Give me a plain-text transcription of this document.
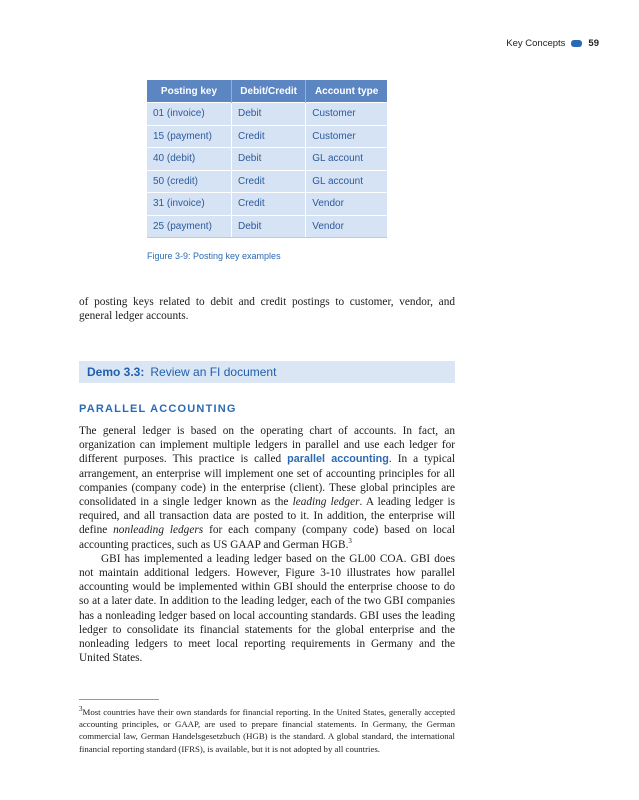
Key Concepts 59
Posting key	Debit/Credit	Account type
01 (invoice)	Debit	Customer
15 (payment)	Credit	Customer
40 (debit)	Debit	GL account
50 (credit)	Credit	GL account
31 (invoice)	Credit	Vendor
25 (payment)	Debit	Vendor
Figure 3-9: Posting key examples
of posting keys related to debit and credit postings to customer, vendor, and general ledger accounts.
Demo 3.3: Review an FI document
PARALLEL ACCOUNTING

The general ledger is based on the operating chart of accounts. In fact, an organization can implement multiple ledgers in parallel and use each ledger for different purposes. This practice is called parallel accounting. In a typical arrangement, an enterprise will implement one set of accounting principles for all companies (company code) in the enterprise (client). These global principles are consolidated in a single ledger known as the leading ledger. A leading ledger is required, and all transaction data are posted to it. In addition, the enterprise will define nonleading ledgers for each company (company code) based on local accounting practices, such as US GAAP and German HGB.$^3$

GBI has implemented a leading ledger based on the GL00 COA. GBI does not maintain additional ledgers. However, Figure 3-10 illustrates how parallel accounting would be implemented within GBI should the enterprise choose to do so at a later date. In addition to the leading ledger, each of the two GBI companies has a nonleading ledger based on local accounting standards. GBI uses the leading ledger to consolidate its financial statements for the global enterprise and the nonleading ledgers to meet local reporting requirements in Germany and the United States.

$^3$Most countries have their own standards for financial reporting. In the United States, generally accepted accounting principles, or GAAP, are used to prepare financial statements. In Germany, the German commercial law, German Handelsgesetzbuch (HGB) is the standard. A global standard, the international financial reporting standard (IFRS), is available, but it is not adopted by all countries.
